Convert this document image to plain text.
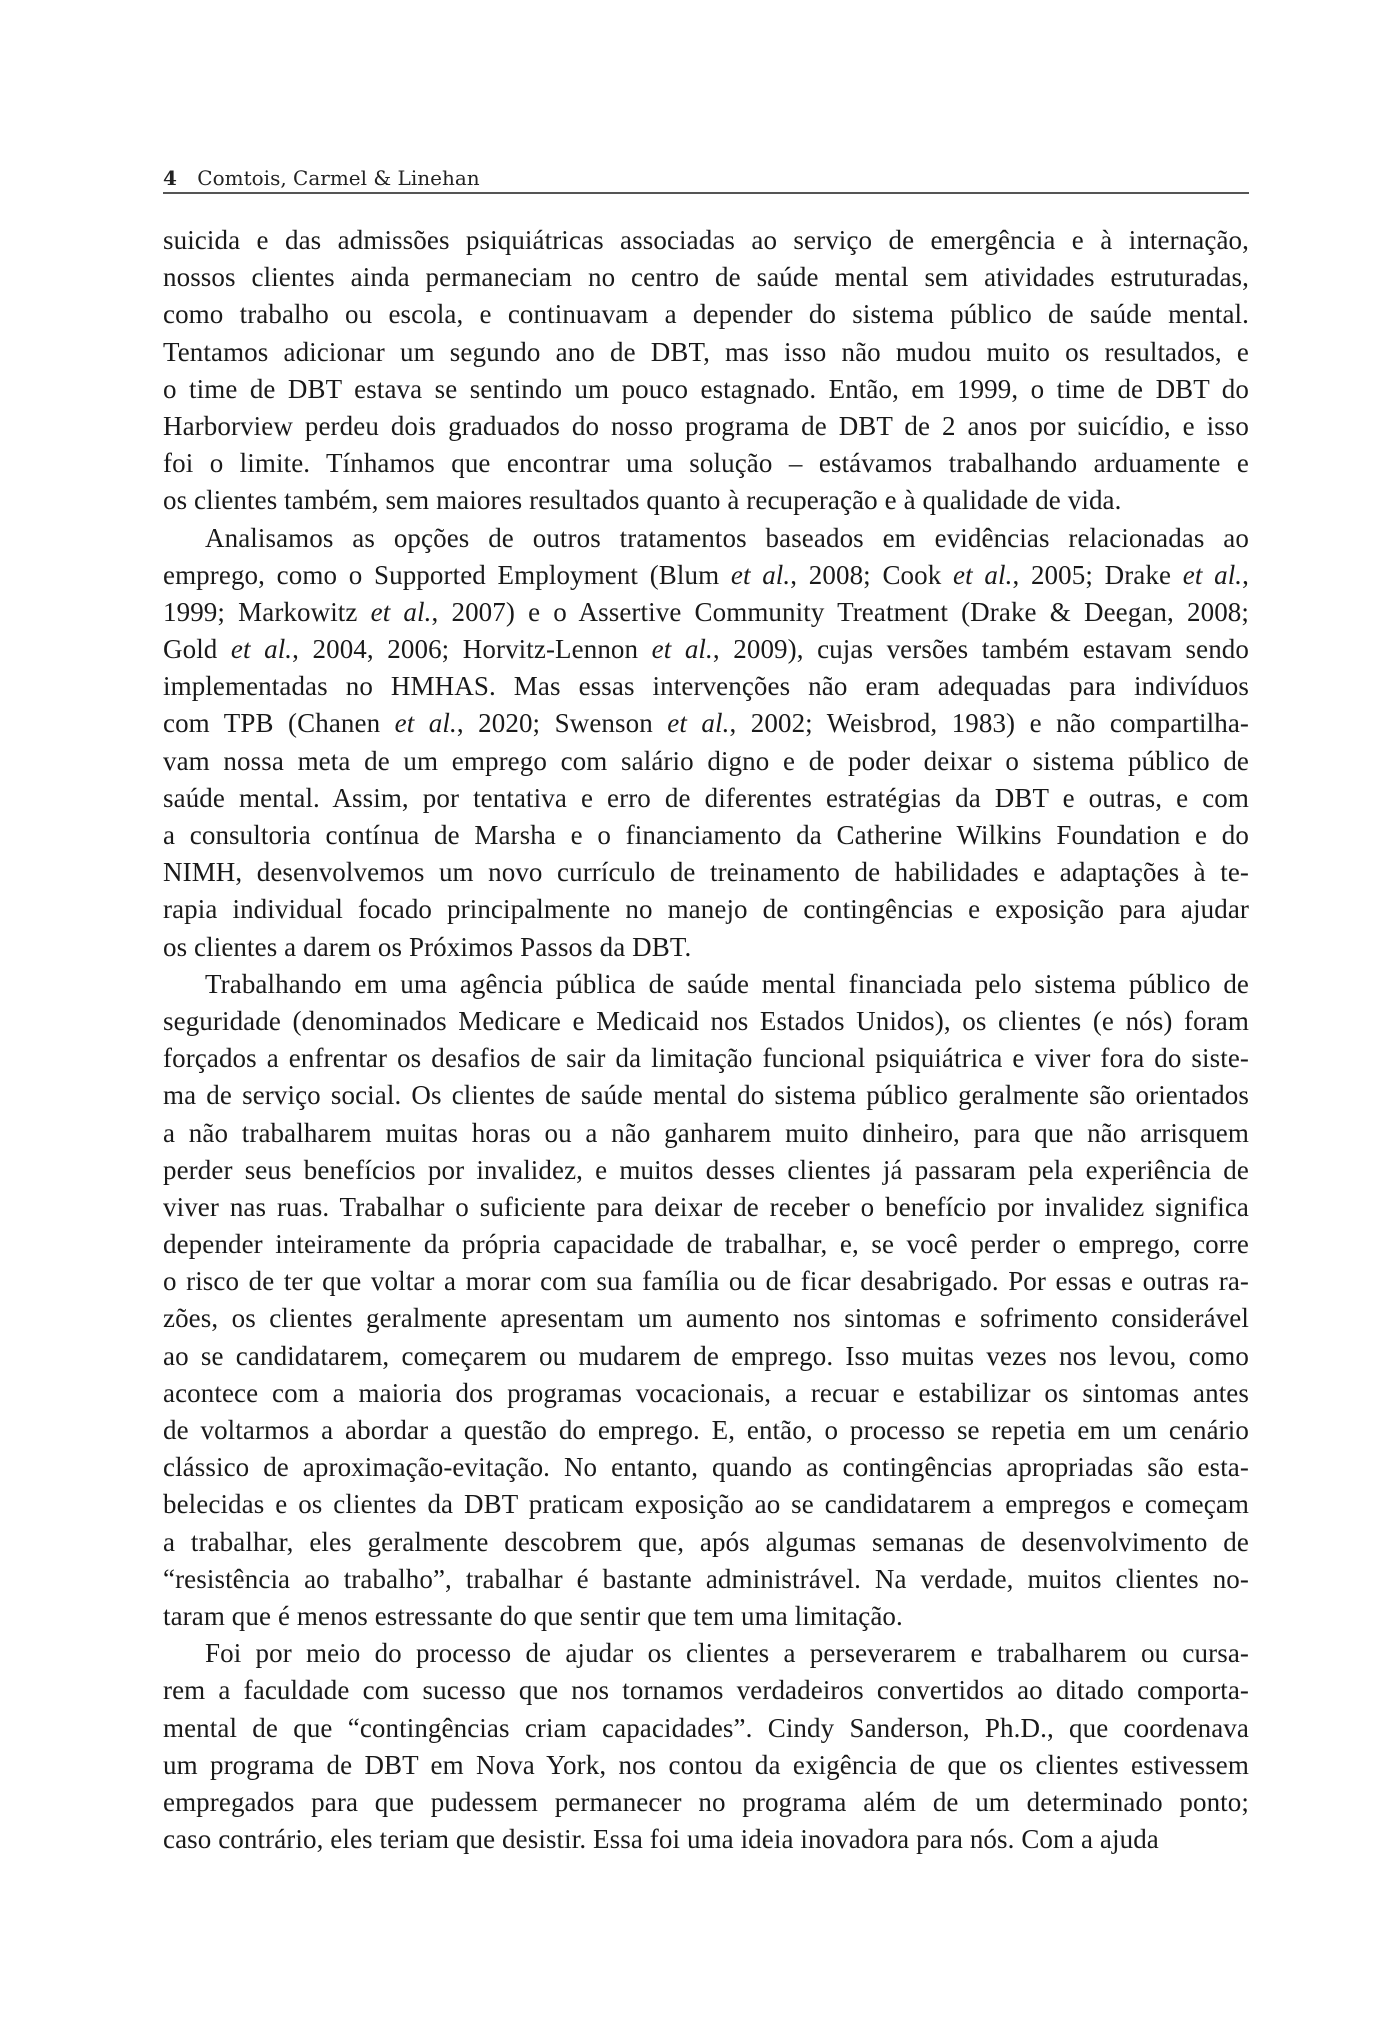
4 Comtois, Carmel & Linehan
suicida e das admissões psiquiátricas associadas ao serviço de emergência e à internação,
nossos clientes ainda permaneciam no centro de saúde mental sem atividades estruturadas,
como trabalho ou escola, e continuavam a depender do sistema público de saúde mental.
Tentamos adicionar um segundo ano de DBT, mas isso não mudou muito os resultados, e
o time de DBT estava se sentindo um pouco estagnado. Então, em 1999, o time de DBT do
Harborview perdeu dois graduados do nosso programa de DBT de 2 anos por suicídio, e isso
foi o limite. Tínhamos que encontrar uma solução – estávamos trabalhando arduamente e
os clientes também, sem maiores resultados quanto à recuperação e à qualidade de vida.
Analisamos as opções de outros tratamentos baseados em evidências relacionadas ao
emprego, como o Supported Employment (Blum et al., 2008; Cook et al., 2005; Drake et al.,
1999; Markowitz et al., 2007) e o Assertive Community Treatment (Drake & Deegan, 2008;
Gold et al., 2004, 2006; Horvitz-Lennon et al., 2009), cujas versões também estavam sendo
implementadas no HMHAS. Mas essas intervenções não eram adequadas para indivíduos
com TPB (Chanen et al., 2020; Swenson et al., 2002; Weisbrod, 1983) e não compartilha-
vam nossa meta de um emprego com salário digno e de poder deixar o sistema público de
saúde mental. Assim, por tentativa e erro de diferentes estratégias da DBT e outras, e com
a consultoria contínua de Marsha e o financiamento da Catherine Wilkins Foundation e do
NIMH, desenvolvemos um novo currículo de treinamento de habilidades e adaptações à te-
rapia individual focado principalmente no manejo de contingências e exposição para ajudar
os clientes a darem os Próximos Passos da DBT.
Trabalhando em uma agência pública de saúde mental financiada pelo sistema público de
seguridade (denominados Medicare e Medicaid nos Estados Unidos), os clientes (e nós) foram
forçados a enfrentar os desafios de sair da limitação funcional psiquiátrica e viver fora do siste-
ma de serviço social. Os clientes de saúde mental do sistema público geralmente são orientados
a não trabalharem muitas horas ou a não ganharem muito dinheiro, para que não arrisquem
perder seus benefícios por invalidez, e muitos desses clientes já passaram pela experiência de
viver nas ruas. Trabalhar o suficiente para deixar de receber o benefício por invalidez significa
depender inteiramente da própria capacidade de trabalhar, e, se você perder o emprego, corre
o risco de ter que voltar a morar com sua família ou de ficar desabrigado. Por essas e outras ra-
zões, os clientes geralmente apresentam um aumento nos sintomas e sofrimento considerável
ao se candidatarem, começarem ou mudarem de emprego. Isso muitas vezes nos levou, como
acontece com a maioria dos programas vocacionais, a recuar e estabilizar os sintomas antes
de voltarmos a abordar a questão do emprego. E, então, o processo se repetia em um cenário
clássico de aproximação-evitação. No entanto, quando as contingências apropriadas são esta-
belecidas e os clientes da DBT praticam exposição ao se candidatarem a empregos e começam
a trabalhar, eles geralmente descobrem que, após algumas semanas de desenvolvimento de
“resistência ao trabalho”, trabalhar é bastante administrável. Na verdade, muitos clientes no-
taram que é menos estressante do que sentir que tem uma limitação.
Foi por meio do processo de ajudar os clientes a perseverarem e trabalharem ou cursa-
rem a faculdade com sucesso que nos tornamos verdadeiros convertidos ao ditado comporta-
mental de que “contingências criam capacidades”. Cindy Sanderson, Ph.D., que coordenava
um programa de DBT em Nova York, nos contou da exigência de que os clientes estivessem
empregados para que pudessem permanecer no programa além de um determinado ponto;
caso contrário, eles teriam que desistir. Essa foi uma ideia inovadora para nós. Com a ajuda
